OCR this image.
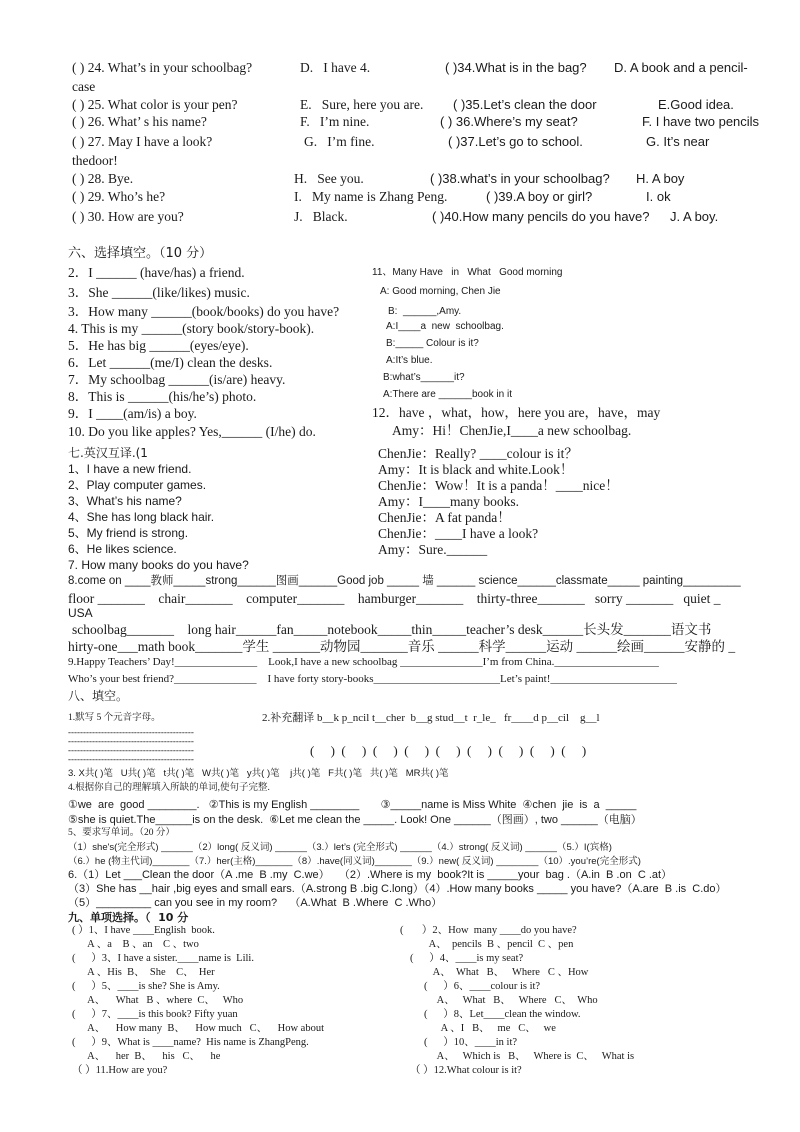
( ) 24. What’s in your schoolbag?	D.   I have 4.	( )34.What is in the bag? D. A book and a pencil-
case
( ) 25. What color is your pen?	E.   Sure, here you are. ( )35.Let’s clean the door	E.Good idea.
( ) 26. What’ s his name?	F.   I’m nine.	( ) 36.Where’s my seat?	F. I have two pencils
( ) 27. May I have a look?	G.   I’m fine.	( )37.Let’s go to school.	G. It’s near
thedoor!
( ) 28. Bye.	H.   See you.	( )38.what’s in your schoolbag? H. A boy
( ) 29. Who’s he?	I.   My name is Zhang Peng.	( )39.A boy or girl?	I. ok
( ) 30. How are you?	J.   Black.	( )40.How many pencils do you have? J. A boy.
六、选择填空。（10 分）
2．I ______ (have/has) a friend.
3．She ______(like/likes) music.
3．How many ______(book/books) do you have?
4. This is my ______(story book/story-book).
5．He has big ______(eyes/eye).
6．Let ______(me/I) clean the desks.
7．My schoolbag ______(is/are) heavy.
8．This is ______(his/he’s) photo.
9．I ____(am/is) a boy.
10. Do you like apples? Yes,______ (I/he) do.
11、Many Have   in   What   Good morning
A: Good morning, Chen Jie
B:  ______,Amy.
A:I____a  new  schoolbag.
B:_____ Colour is it?
A:It’s blue.
B:what’s______it?
A:There are ______book in it
12．have ，what，how，here you are，have，may
Amy：Hi！ChenJie,I____a new schoolbag.
七.英汉互译.(1
1、I have a new friend.
2、Play computer games.
3、What’s his name?
4、She has long black hair.
5、My friend is strong.
6、He likes science.
7. How many books do you have?
ChenJie：Really? ____colour is it？
Amy：It is black and white.Look！
ChenJie：Wow！It is a panda！____nice！
Amy：I____many books.
ChenJie：A fat panda！
ChenJie：____I have a look?
Amy：Sure.______
8.come on ____教师_____strong______图画______Good job _____ 墙 ______ science______classmate_____ painting_________
floor _______    chair_______    computer_______    hamburger_______    thirty-three_______   sorry _______   quiet _
USA
schoolbag_______    long hair______fan_____notebook_____thin_____teacher’s desk______长头发_______语文书
hirty-one___math book_______学生 _______动物园_______音乐 ______科学______运动 ______绘画______安静的 _
9.Happy Teachers’ Day!_______________    Look,I have a new schoolbag _______________I’m from China.___________________
Who’s your best friend?_______________    I have forty story-books_______________________Let’s paint!_______________________
八、填空。
1.默写 5 个元音字母。	2.补充翻译 b__k p_ncil t__cher  b__g stud__t  r_le_   fr____d p__cil    g__l
------------------------------------------
------------------------------------------
------------------------------------------
------------------------------------------
(     )  (     )  (     )  (     )  (     )  (     )  (     )  (     )  (     )
3. X共( )笔   U共( )笔   t共( )笔   W共( )笔   y共( )笔    j共( )笔   F共( )笔   共( )笔   MR共( )笔
4.根据你自己的理解填入所缺的单词,使句子完整.
①we  are  good ________.   ②This is my English ________       ③_____name is Miss White  ④chen  jie  is  a  _____
⑤she is quiet.The______is on the desk.  ⑥Let me clean the _____. Look! One ______（图画）, two ______（电脑）
5、要求写单词。（20 分）
（1）she's(完全形式) ______（2）long( 反义词) ______（3.）let’s (完全形式) ______（4.）strong( 反义词) ______（5.）I(宾格)
（6.）he (物主代词)_______（7.）her(主格)_______（8）.have(同义词)_______（9.）new( 反义词) ________（10）.you’re(完全形式)
6.（1）Let ___Clean the door（A .me  B .my  C.we）   （2）.Where is my  book?It is _____your  bag .（A.in  B .on  C .at）
（3）She has __hair ,big eyes and small ears.（A.strong B .big C.long）（4）.How many books _____ you have?（A.are  B .is  C.do）
（5）_________ can you see in my room?    （A.What  B .Where  C .Who）
九、单项选择。（  10 分
( ）1、I have ____English  book.
A 、a    B 、an    C 、two
(      ）3、I have a sister.____name is  Lili.
A 、His  B、  She    C、  Her
(      ）5、____is she? She is Amy.
A、    What   B 、where  C、   Who
(      ）7、____is this book? Fifty yuan
A、    How many  B、    How much   C、    How about
(      ）9、What is ____name?  His name is ZhangPeng.
A、    her  B、    his   C、    he
（ ）11.How are you?
(       ）2、How  many ____do you have?
A、  pencils  B 、pencil  C 、pen
(      ）4、____is my seat?
A、  What   B、   Where   C 、How
(      ）6、____colour is it?
A、   What   B、   Where   C、  Who
(      ）8、Let____clean the window.
A 、I   B、   me   C、   we
(      ）10、____in it?
A、   Which is   B、   Where is  C、   What is
（ ）12.What colour is it?
